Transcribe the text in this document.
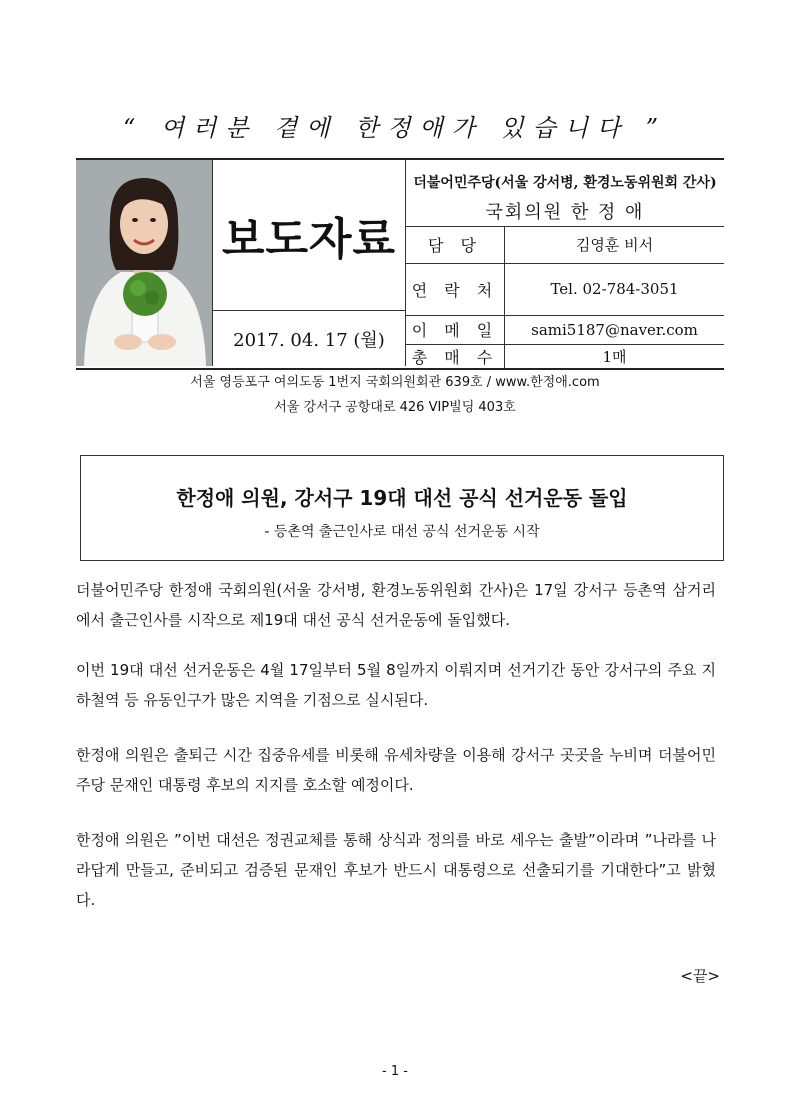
“ 여러분 곁에 한정애가 있습니다 ”
보도자료
2017. 04. 17 (월)
더불어민주당(서울 강서병, 환경노동위원회 간사)
국회의원 한 정 애
담 당	김영훈 비서
연 락 처	Tel. 02-784-3051
이 메 일	sami5187@naver.com
총 매 수	1매
서울 영등포구 여의도동 1번지 국회의원회관 639호 / www.한정애.com
서울 강서구 공항대로 426 VIP빌딩 403호
한정애 의원, 강서구 19대 대선 공식 선거운동 돌입
- 등촌역 출근인사로 대선 공식 선거운동 시작
더불어민주당 한정애 국회의원(서울 강서병, 환경노동위원회 간사)은 17일 강서구 등촌역 삼거리에서 출근인사를 시작으로 제19대 대선 공식 선거운동에 돌입했다.
이번 19대 대선 선거운동은 4월 17일부터 5월 8일까지 이뤄지며 선거기간 동안 강서구의 주요 지하철역 등 유동인구가 많은 지역을 기점으로 실시된다.
한정애 의원은 출퇴근 시간 집중유세를 비롯해 유세차량을 이용해 강서구 곳곳을 누비며 더불어민주당 문재인 대통령 후보의 지지를 호소할 예정이다.
한정애 의원은 ”이번 대선은 정권교체를 통해 상식과 정의를 바로 세우는 출발”이라며 ”나라를 나라답게 만들고, 준비되고 검증된 문재인 후보가 반드시 대통령으로 선출되기를 기대한다”고 밝혔다.
<끝>
- 1 -
